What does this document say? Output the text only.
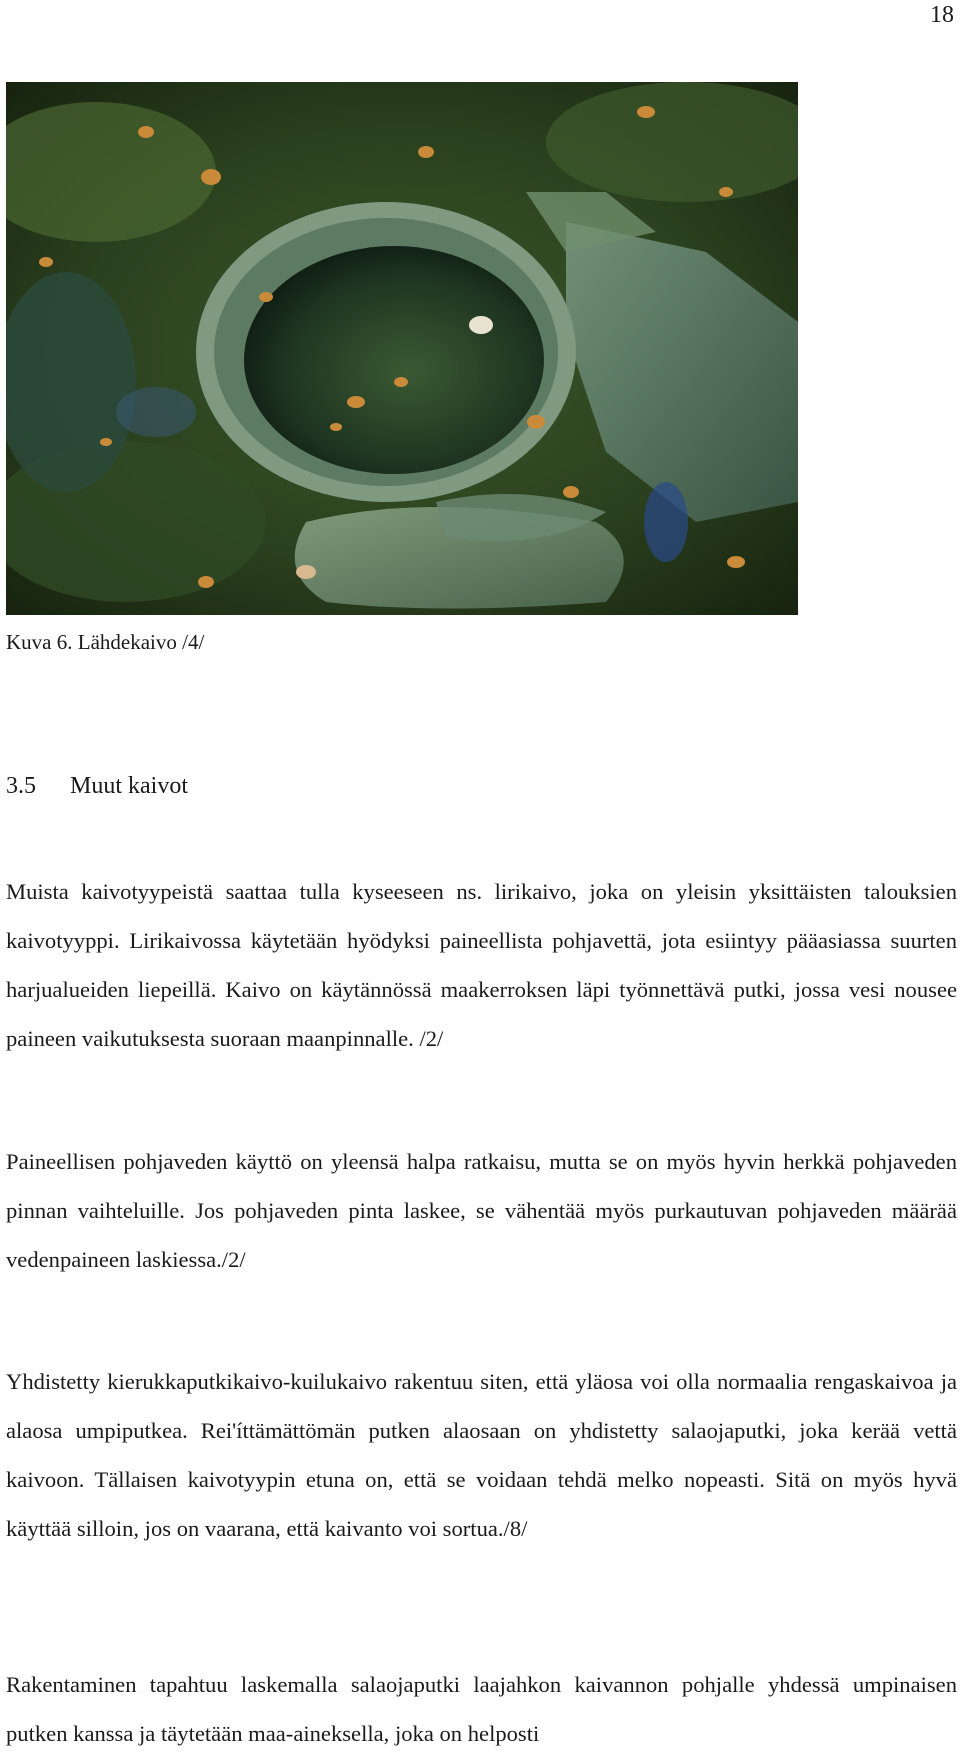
18
Kuva 6. Lähdekaivo /4/
3.5 Muut kaivot

Muista kaivotyypeistä saattaa tulla kyseeseen ns. lirikaivo, joka on yleisin yksittäisten talouksien kaivotyyppi. Lirikaivossa käytetään hyödyksi paineellista pohjavettä, jota esiintyy pääasiassa suurten harjualueiden liepeillä. Kaivo on käytännössä maakerroksen läpi työnnettävä putki, jossa vesi nousee paineen vaikutuksesta suoraan maanpinnalle. /2/

Paineellisen pohjaveden käyttö on yleensä halpa ratkaisu, mutta se on myös hyvin herkkä pohjaveden pinnan vaihteluille. Jos pohjaveden pinta laskee, se vähentää myös purkautuvan pohjaveden määrää vedenpaineen laskiessa./2/

Yhdistetty kierukkaputkikaivo-kuilukaivo rakentuu siten, että yläosa voi olla normaalia rengaskaivoa ja alaosa umpiputkea. Rei'íttämättömän putken alaosaan on yhdistetty salaojaputki, joka kerää vettä kaivoon. Tällaisen kaivotyypin etuna on, että se voidaan tehdä melko nopeasti. Sitä on myös hyvä käyttää silloin, jos on vaarana, että kaivanto voi sortua./8/

Rakentaminen tapahtuu laskemalla salaojaputki laajahkon kaivannon pohjalle yhdessä umpinaisen putken kanssa ja täytetään maa-aineksella, joka on helposti
